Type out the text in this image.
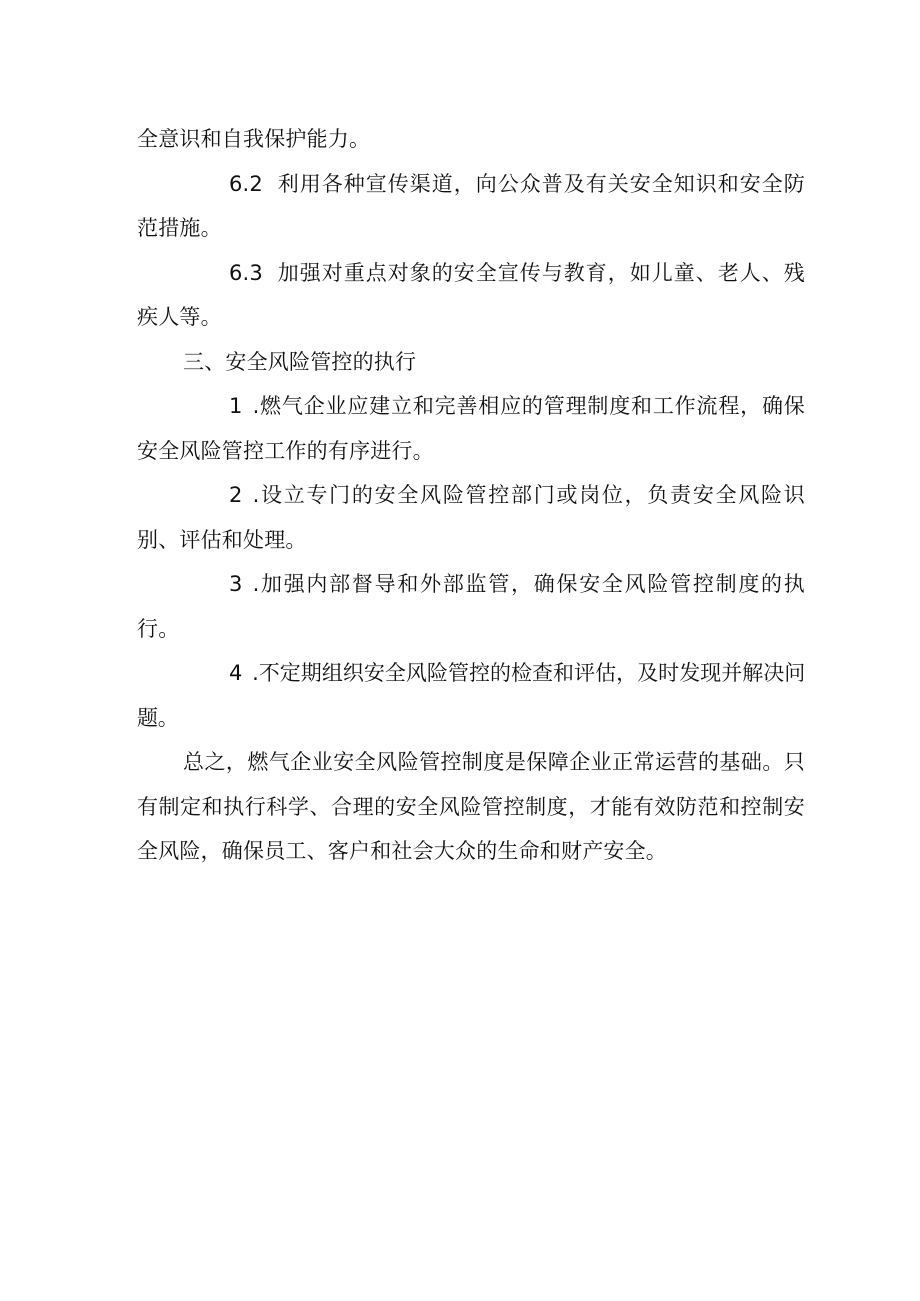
全意识和自我保护能力。

6.2 利用各种宣传渠道，向公众普及有关安全知识和安全防范措施。

6.3 加强对重点对象的安全宣传与教育，如儿童、老人、残疾人等。

三、安全风险管控的执行

1 .燃气企业应建立和完善相应的管理制度和工作流程，确保安全风险管控工作的有序进行。

2 .设立专门的安全风险管控部门或岗位，负责安全风险识别、评估和处理。

3 .加强内部督导和外部监管，确保安全风险管控制度的执行。

4 .不定期组织安全风险管控的检查和评估，及时发现并解决问题。

总之，燃气企业安全风险管控制度是保障企业正常运营的基础。只有制定和执行科学、合理的安全风险管控制度，才能有效防范和控制安全风险，确保员工、客户和社会大众的生命和财产安全。
